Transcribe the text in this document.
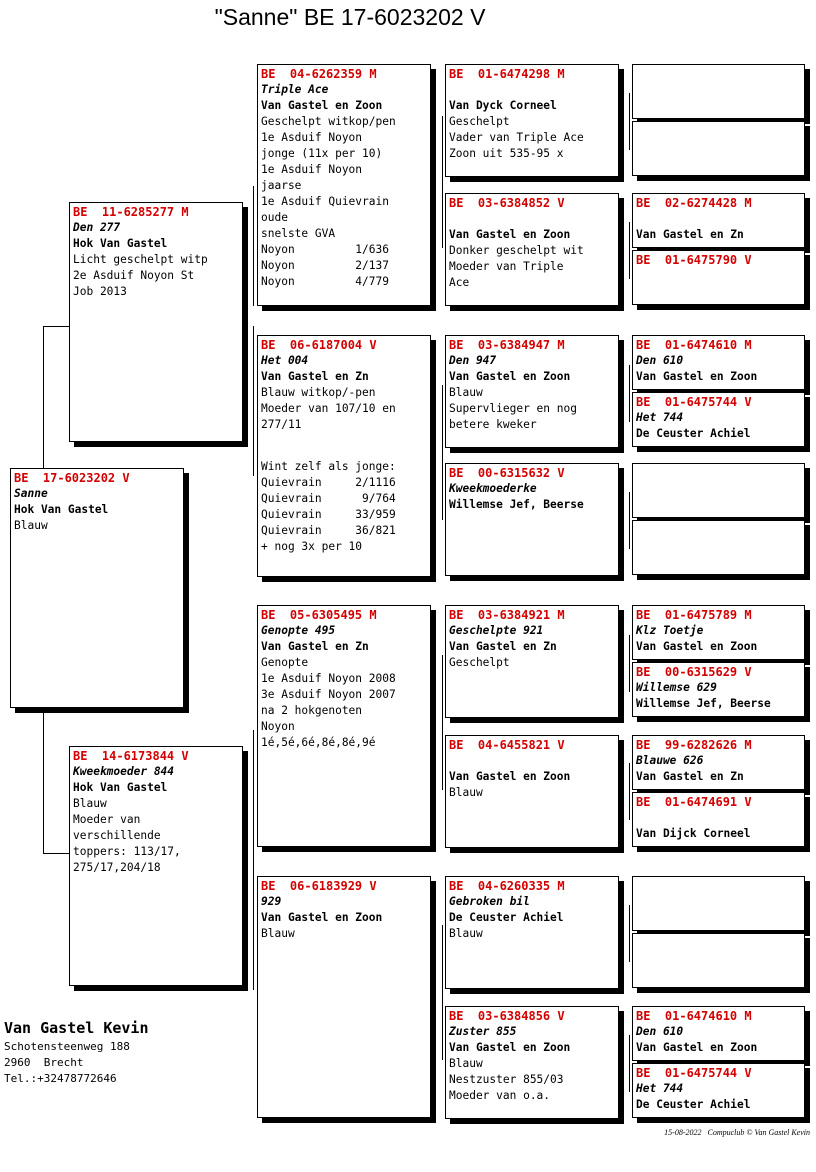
"Sanne" BE 17-6023202 V
BE  17-6023202 V
Sanne
Hok Van Gastel
Blauw
BE  11-6285277 M
Den 277
Hok Van Gastel
Licht geschelpt witp
2e Asduif Noyon St
Job 2013
BE  14-6173844 V
Kweekmoeder 844
Hok Van Gastel
Blauw
Moeder van
verschillende
toppers: 113/17,
275/17,204/18
BE  04-6262359 M
Triple Ace
Van Gastel en Zoon
Geschelpt witkop/pen
1e Asduif Noyon
jonge (11x per 10)
1e Asduif Noyon
jaarse
1e Asduif Quievrain
oude
snelste GVA
Noyon         1/636
Noyon         2/137
Noyon         4/779
BE  06-6187004 V
Het 004
Van Gastel en Zn
Blauw witkop/-pen
Moeder van 107/10 en
277/11
Wint zelf als jonge:
Quievrain     2/1116
Quievrain      9/764
Quievrain     33/959
Quievrain     36/821
+ nog 3x per 10
BE  05-6305495 M
Genopte 495
Van Gastel en Zn
Genopte
1e Asduif Noyon 2008
3e Asduif Noyon 2007
na 2 hokgenoten
Noyon
1é,5é,6é,8é,8é,9é
BE  06-6183929 V
929
Van Gastel en Zoon
Blauw
BE  01-6474298 M
Van Dyck Corneel
Geschelpt
Vader van Triple Ace
Zoon uit 535-95 x
BE  03-6384852 V
Van Gastel en Zoon
Donker geschelpt wit
Moeder van Triple
Ace
BE  03-6384947 M
Den 947
Van Gastel en Zoon
Blauw
Supervlieger en nog
betere kweker
BE  00-6315632 V
Kweekmoederke
Willemse Jef, Beerse
BE  03-6384921 M
Geschelpte 921
Van Gastel en Zn
Geschelpt
BE  04-6455821 V
Van Gastel en Zoon
Blauw
BE  04-6260335 M
Gebroken bil
De Ceuster Achiel
Blauw
BE  03-6384856 V
Zuster 855
Van Gastel en Zoon
Blauw
Nestzuster 855/03
Moeder van o.a.
BE  02-6274428 M
Van Gastel en Zn
BE  01-6475790 V
BE  01-6474610 M
Den 610
Van Gastel en Zoon
BE  01-6475744 V
Het 744
De Ceuster Achiel
BE  01-6475789 M
Klz Toetje
Van Gastel en Zoon
BE  00-6315629 V
Willemse 629
Willemse Jef, Beerse
BE  99-6282626 M
Blauwe 626
Van Gastel en Zn
BE  01-6474691 V
Van Dijck Corneel
BE  01-6474610 M
Den 610
Van Gastel en Zoon
BE  01-6475744 V
Het 744
De Ceuster Achiel
Van Gastel Kevin
Schotensteenweg 188
2960  Brecht
Tel.:+32478772646
15-08-2022   Compuclub © Van Gastel Kevin
